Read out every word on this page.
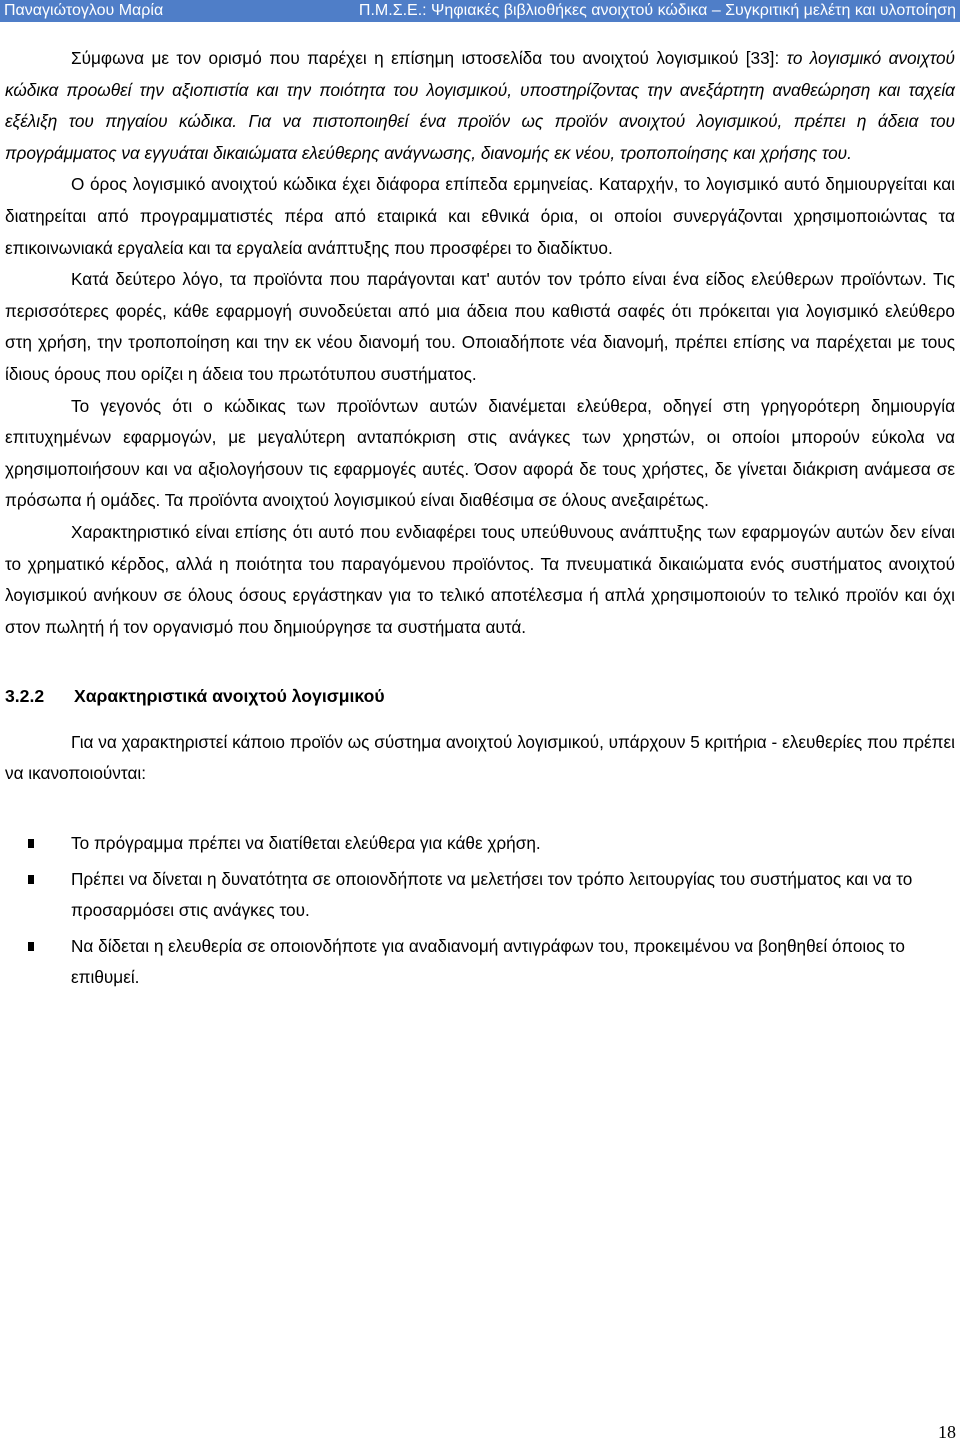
Παναγιώτογλου Μαρία	Π.Μ.Σ.Ε.: Ψηφιακές βιβλιοθήκες ανοιχτού κώδικα – Συγκριτική μελέτη και υλοποίηση

Σύμφωνα με τον ορισμό που παρέχει η επίσημη ιστοσελίδα του ανοιχτού λογισμικού [33]: το λογισμικό ανοιχτού κώδικα προωθεί την αξιοπιστία και την ποιότητα του λογισμικού, υποστηρίζοντας την ανεξάρτητη αναθεώρηση και ταχεία εξέλιξη του πηγαίου κώδικα. Για να πιστοποιηθεί ένα προϊόν ως προϊόν ανοιχτού λογισμικού, πρέπει η άδεια του προγράμματος να εγγυάται δικαιώματα ελεύθερης ανάγνωσης, διανομής εκ νέου, τροποποίησης και χρήσης του.

Ο όρος λογισμικό ανοιχτού κώδικα έχει διάφορα επίπεδα ερμηνείας. Καταρχήν, το λογισμικό αυτό δημιουργείται και διατηρείται από προγραμματιστές πέρα από εταιρικά και εθνικά όρια, οι οποίοι συνεργάζονται χρησιμοποιώντας τα επικοινωνιακά εργαλεία και τα εργαλεία ανάπτυξης που προσφέρει το διαδίκτυο.

Κατά δεύτερο λόγο, τα προϊόντα που παράγονται κατ' αυτόν τον τρόπο είναι ένα είδος ελεύθερων προϊόντων. Τις περισσότερες φορές, κάθε εφαρμογή συνοδεύεται από μια άδεια που καθιστά σαφές ότι πρόκειται για λογισμικό ελεύθερο στη χρήση, την τροποποίηση και την εκ νέου διανομή του. Οποιαδήποτε νέα διανομή, πρέπει επίσης να παρέχεται με τους ίδιους όρους που ορίζει η άδεια του πρωτότυπου συστήματος.

Το γεγονός ότι ο κώδικας των προϊόντων αυτών διανέμεται ελεύθερα, οδηγεί στη γρηγορότερη δημιουργία επιτυχημένων εφαρμογών, με μεγαλύτερη ανταπόκριση στις ανάγκες των χρηστών, οι οποίοι μπορούν εύκολα να χρησιμοποιήσουν και να αξιολογήσουν τις εφαρμογές αυτές. Όσον αφορά δε τους χρήστες, δε γίνεται διάκριση ανάμεσα σε πρόσωπα ή ομάδες. Τα προϊόντα ανοιχτού λογισμικού είναι διαθέσιμα σε όλους ανεξαιρέτως.

Χαρακτηριστικό είναι επίσης ότι αυτό που ενδιαφέρει τους υπεύθυνους ανάπτυξης των εφαρμογών αυτών δεν είναι το χρηματικό κέρδος, αλλά η ποιότητα του παραγόμενου προϊόντος. Τα πνευματικά δικαιώματα ενός συστήματος ανοιχτού λογισμικού ανήκουν σε όλους όσους εργάστηκαν για το τελικό αποτέλεσμα ή απλά χρησιμοποιούν το τελικό προϊόν και όχι στον πωλητή ή τον οργανισμό που δημιούργησε τα συστήματα αυτά.

3.2.2 Χαρακτηριστικά ανοιχτού λογισμικού

Για να χαρακτηριστεί κάποιο προϊόν ως σύστημα ανοιχτού λογισμικού, υπάρχουν 5 κριτήρια - ελευθερίες που πρέπει να ικανοποιούνται:

Το πρόγραμμα πρέπει να διατίθεται ελεύθερα για κάθε χρήση.
Πρέπει να δίνεται η δυνατότητα σε οποιονδήποτε να μελετήσει τον τρόπο λειτουργίας του συστήματος και να το προσαρμόσει στις ανάγκες του.
Να δίδεται η ελευθερία σε οποιονδήποτε για αναδιανομή αντιγράφων του, προκειμένου να βοηθηθεί όποιος το επιθυμεί.
18
